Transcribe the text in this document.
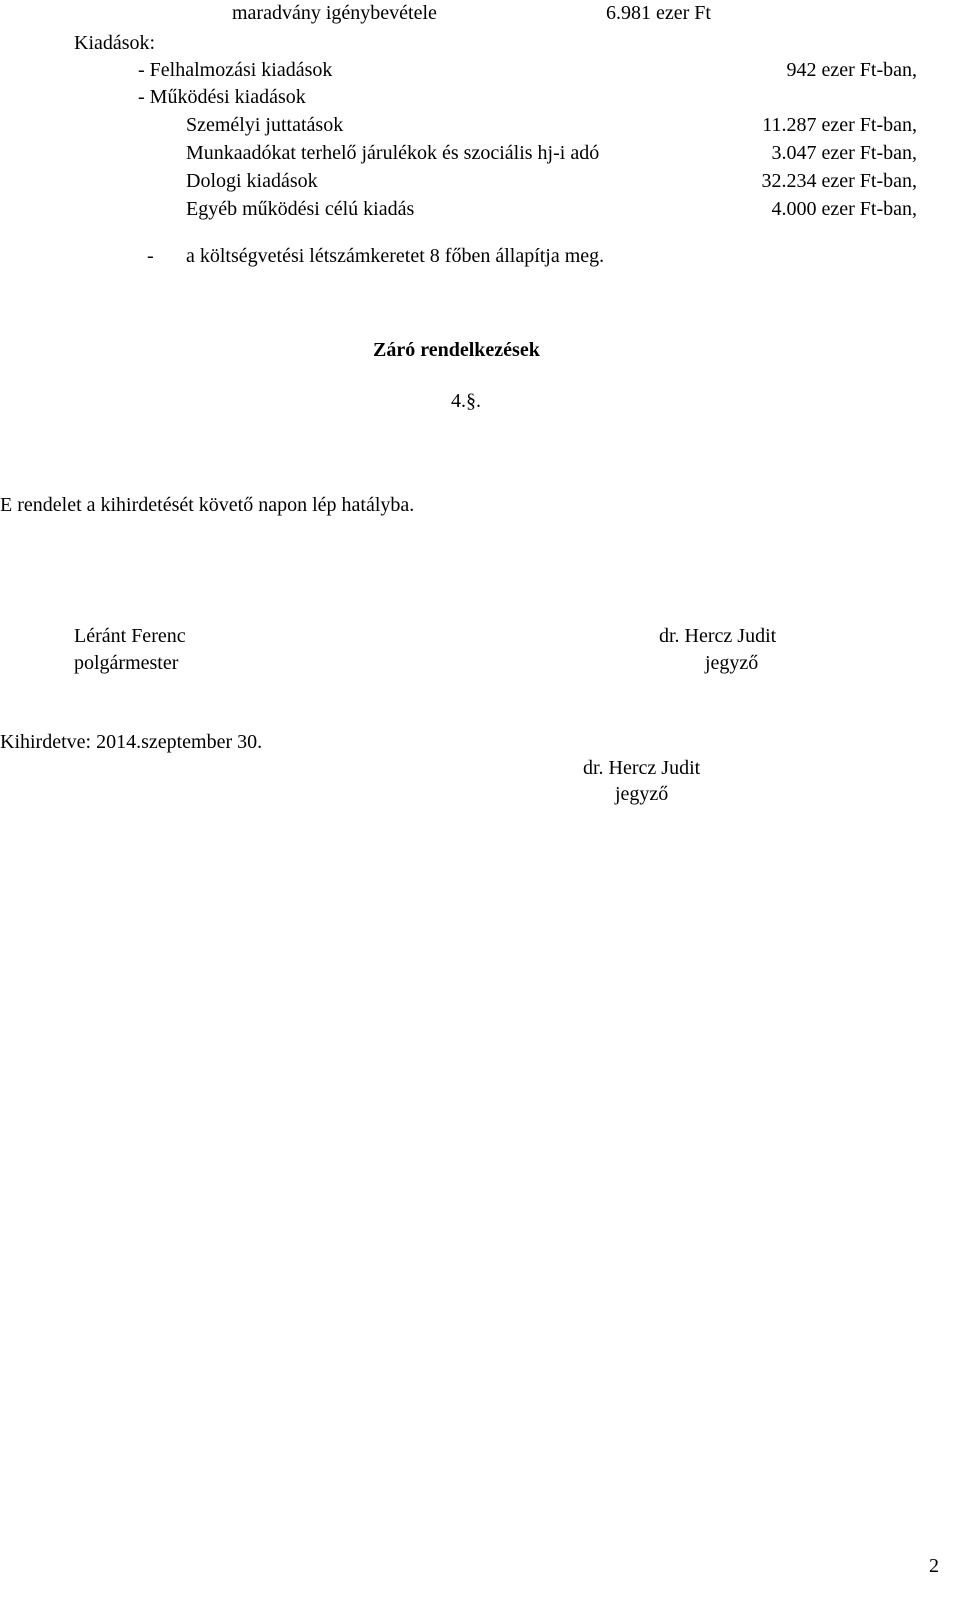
maradvány igénybevétele	6.981 ezer Ft
Kiadások:
- Felhalmozási kiadások	942 ezer Ft-ban,
- Működési kiadások
Személyi juttatások	11.287 ezer Ft-ban,
Munkaadókat terhelő járulékok és szociális hj-i adó	3.047 ezer Ft-ban,
Dologi kiadások	32.234 ezer Ft-ban,
Egyéb működési célú kiadás	4.000 ezer Ft-ban,
- a költségvetési létszámkeretet 8 főben állapítja meg.
Záró rendelkezések
4.§.
E rendelet a kihirdetését követő napon lép hatályba.
Léránt Ferenc
polgármester
dr. Hercz Judit
jegyző
Kihirdetve: 2014.szeptember 30.
dr. Hercz Judit
jegyző
2
